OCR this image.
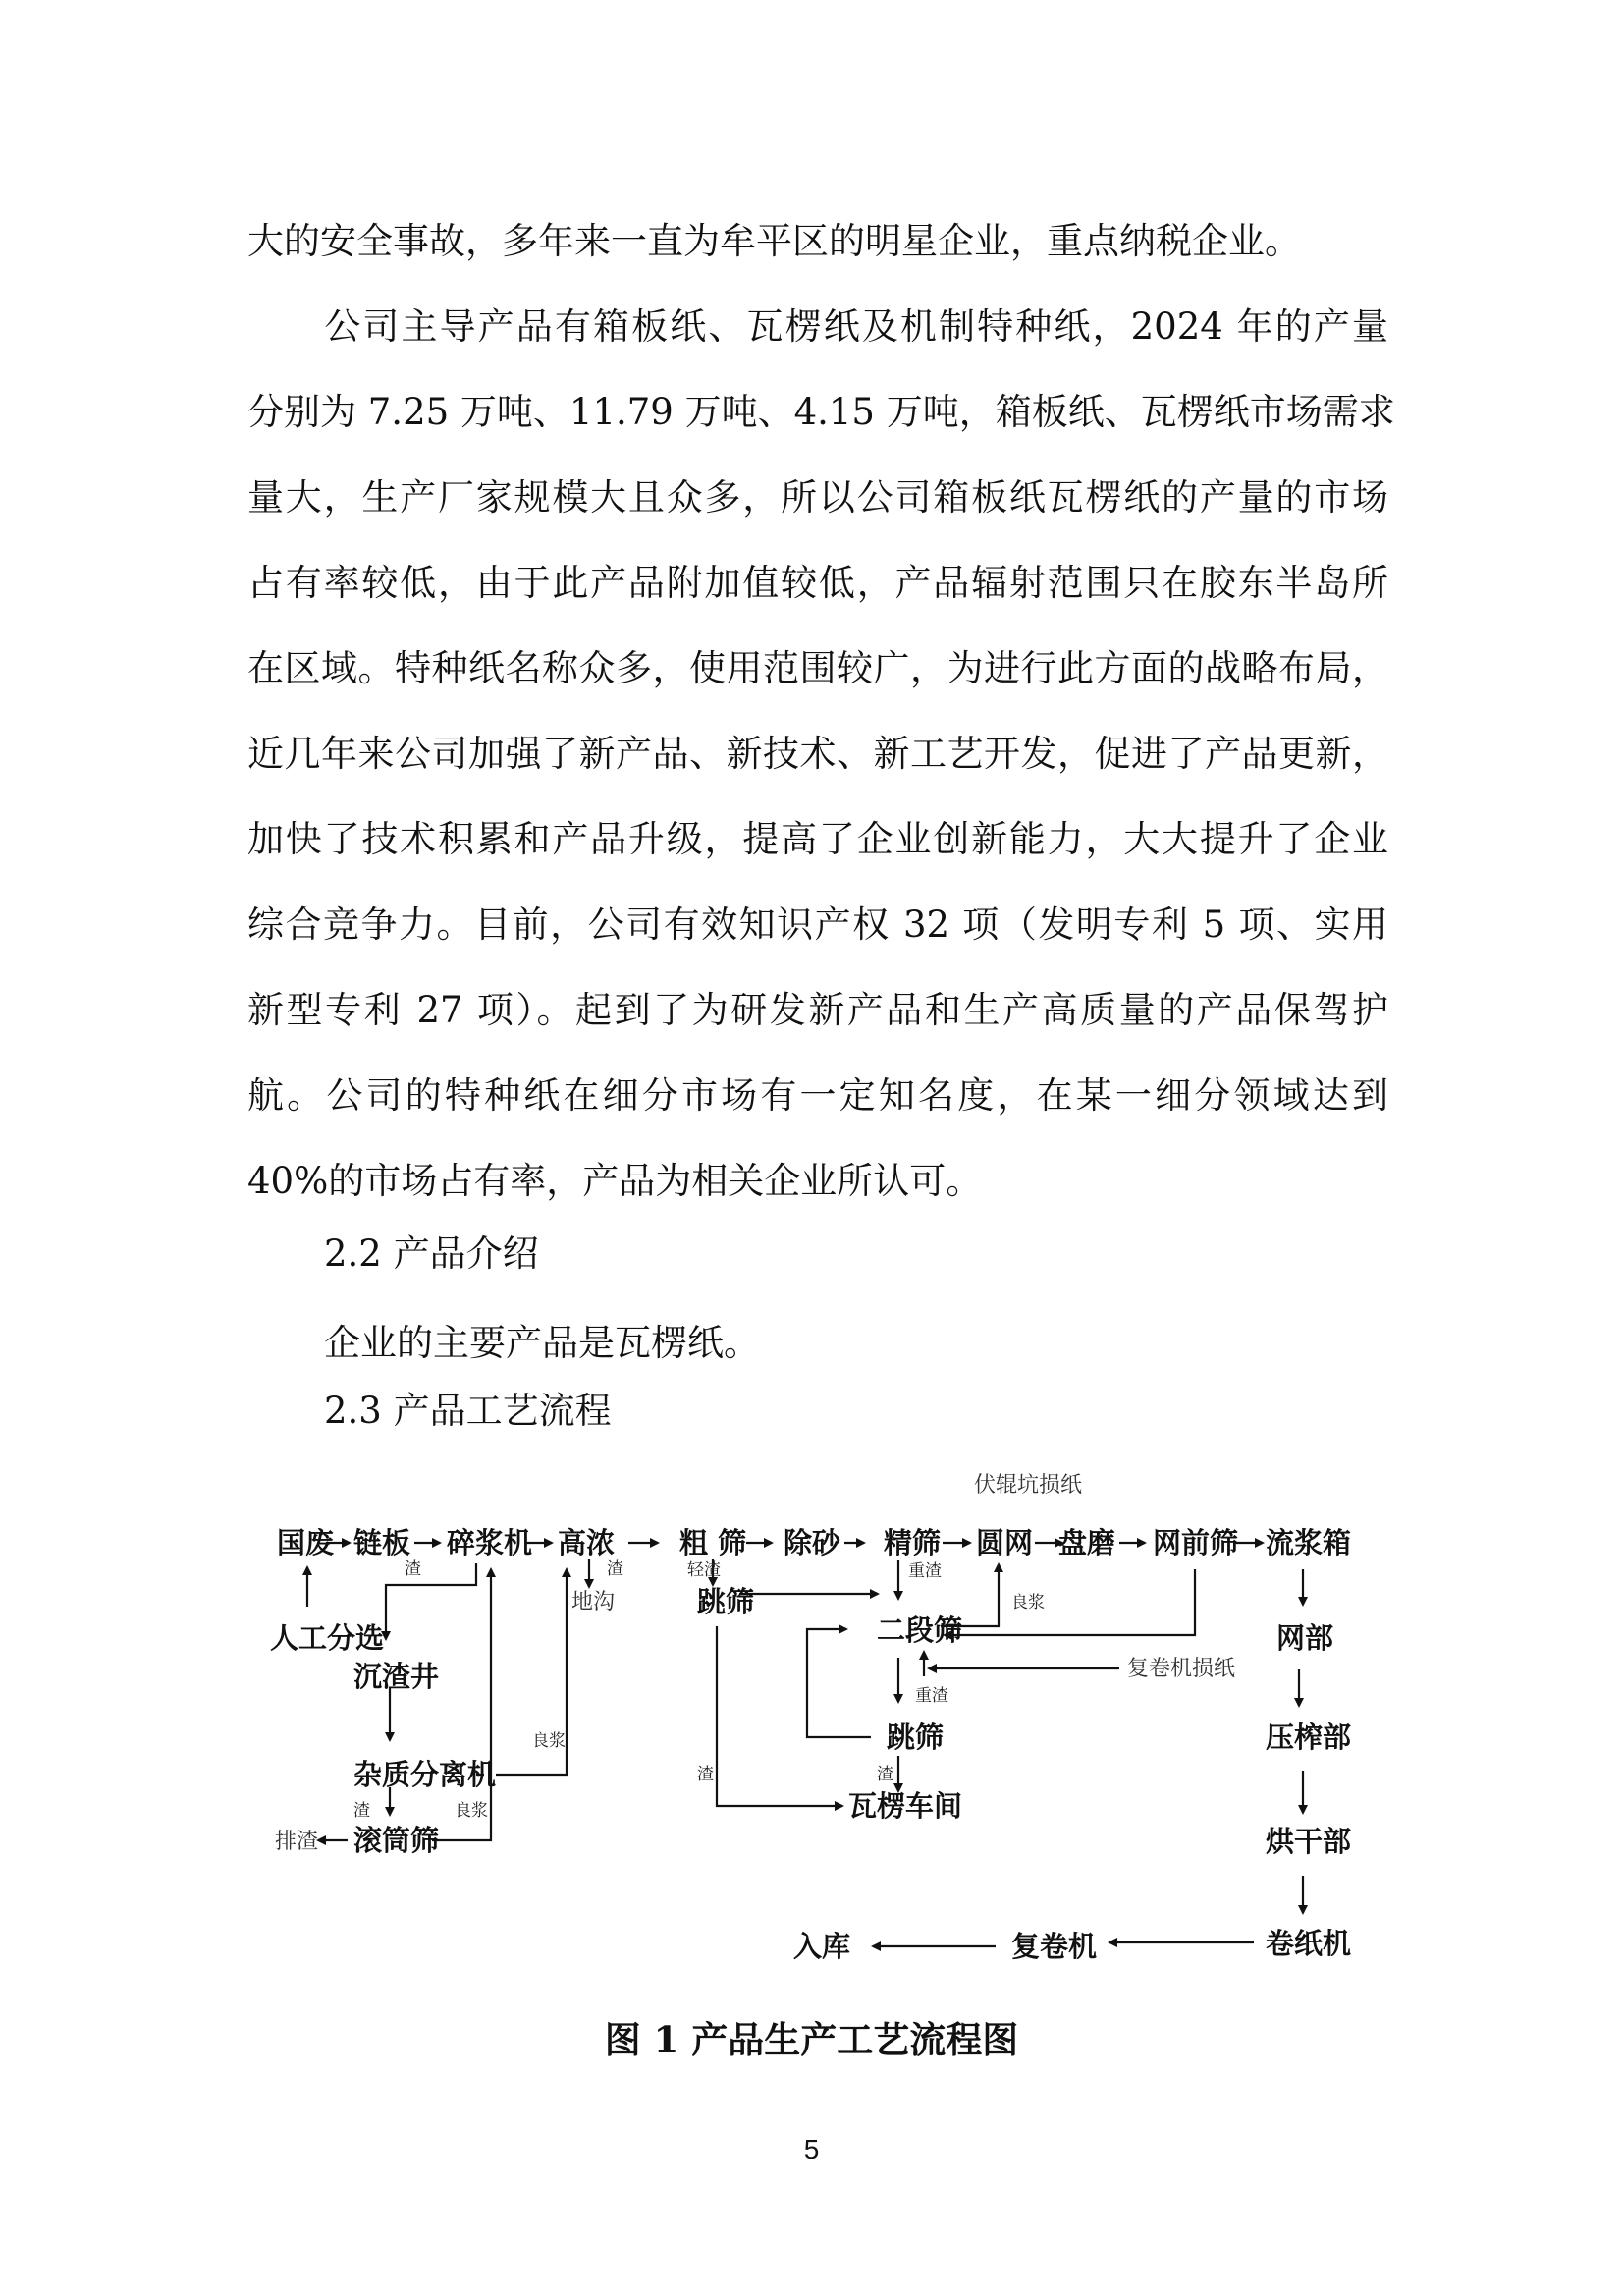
大的安全事故，多年来一直为牟平区的明星企业，重点纳税企业。
　　公司主导产品有箱板纸、瓦楞纸及机制特种纸，2024 年的产量
分别为 7.25 万吨、11.79 万吨、4.15 万吨，箱板纸、瓦楞纸市场需求
量大，生产厂家规模大且众多，所以公司箱板纸瓦楞纸的产量的市场
占有率较低，由于此产品附加值较低，产品辐射范围只在胶东半岛所
在区域。特种纸名称众多，使用范围较广，为进行此方面的战略布局，
近几年来公司加强了新产品、新技术、新工艺开发，促进了产品更新，
加快了技术积累和产品升级，提高了企业创新能力，大大提升了企业
综合竞争力。目前，公司有效知识产权 32 项（发明专利 5 项、实用
新型专利 27 项）。起到了为研发新产品和生产高质量的产品保驾护
航。公司的特种纸在细分市场有一定知名度，在某一细分领域达到
40%的市场占有率，产品为相关企业所认可。
2.2 产品介绍
企业的主要产品是瓦楞纸。
2.3 产品工艺流程
国废 链板 碎浆机 高浓 粗 筛 除砂 精筛 圆网 盘磨 网前筛 流浆箱
人工分选
沉渣井
杂质分离机
滚筒筛
排渣
地沟	跳筛
二段筛
跳筛
瓦楞车间
网部
压榨部
烘干部
卷纸机
复卷机
入库
伏辊坑损纸
复卷机损纸
渣	渣	轻渣	重渣
良浆
重渣
良浆
良浆
渣
渣	渣
图 1 产品生产工艺流程图
5
